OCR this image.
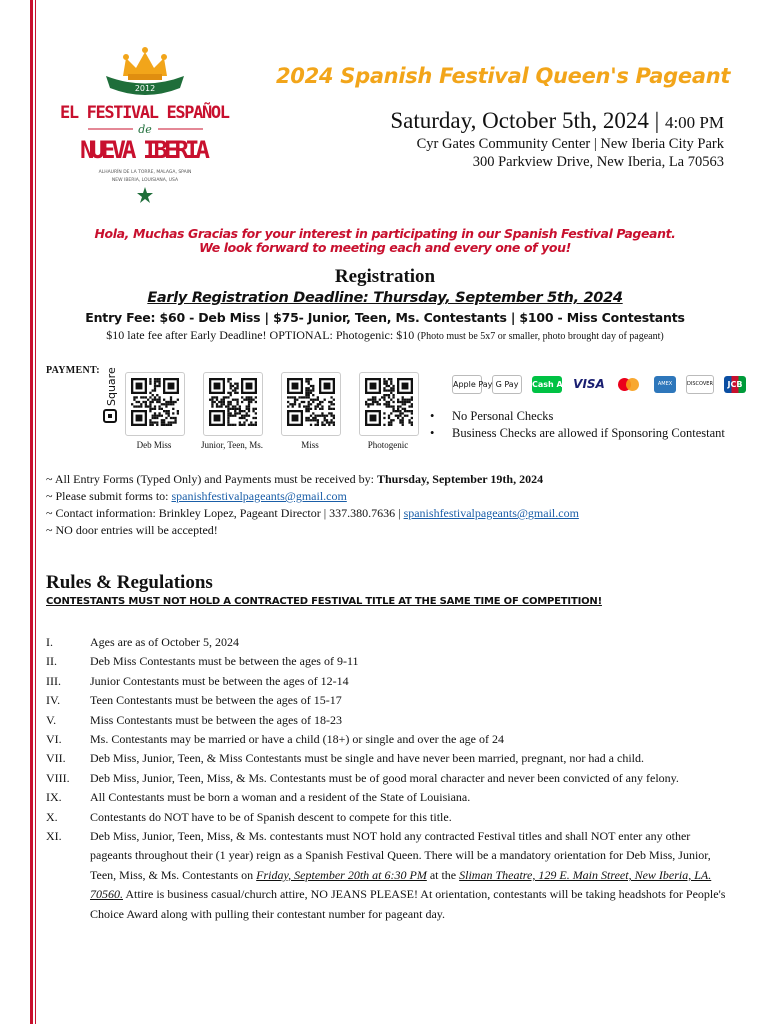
2012
EL FESTIVAL ESPAÑOL
de
NUEVA IBERIA
ALHAURÍN DE LA TORRE, MALAGA, SPAIN
NEW IBERIA, LOUISIANA, USA
2024 Spanish Festival Queen's Pageant
Saturday, October 5th, 2024 | 4:00 PM
Cyr Gates Community Center | New Iberia City Park
300 Parkview Drive, New Iberia, La 70563
Hola, Muchas Gracias for your interest in participating in our Spanish Festival Pageant.
We look forward to meeting each and every one of you!
Registration
Early Registration Deadline: Thursday, September 5th, 2024
Entry Fee: $60 - Deb Miss | $75- Junior, Teen, Ms. Contestants | $100 - Miss Contestants
$10 late fee after Early Deadline! OPTIONAL: Photogenic: $10 (Photo must be 5x7 or smaller, photo brought day of pageant)
PAYMENT: Square
Deb Miss	Junior, Teen, Ms.	Miss	Photogenic
Apple Pay G Pay Cash App VISA	AMEX	DISCOVER JCB
• No Personal Checks
• Business Checks are allowed if Sponsoring Contestant
~ All Entry Forms (Typed Only) and Payments must be received by: Thursday, September 19th, 2024
~ Please submit forms to: spanishfestivalpageants@gmail.com
~ Contact information: Brinkley Lopez, Pageant Director | 337.380.7636 | spanishfestivalpageants@gmail.com
~ NO door entries will be accepted!
Rules & Regulations
CONTESTANTS MUST NOT HOLD A CONTRACTED FESTIVAL TITLE AT THE SAME TIME OF COMPETITION!
I.	Ages are as of October 5, 2024
II.	Deb Miss Contestants must be between the ages of 9-11
III.	Junior Contestants must be between the ages of 12-14
IV.	Teen Contestants must be between the ages of 15-17
V.	Miss Contestants must be between the ages of 18-23
VI.	Ms. Contestants may be married or have a child (18+) or single and over the age of 24
VII.	Deb Miss, Junior, Teen, & Miss Contestants must be single and have never been married, pregnant, nor had a child.
VIII.	Deb Miss, Junior, Teen, Miss, & Ms. Contestants must be of good moral character and never been convicted of any felony.
IX.	All Contestants must be born a woman and a resident of the State of Louisiana.
X.	Contestants do NOT have to be of Spanish descent to compete for this title.
XI.	Deb Miss, Junior, Teen, Miss, & Ms. contestants must NOT hold any contracted Festival titles and shall NOT enter any other pageants throughout their (1 year) reign as a Spanish Festival Queen. There will be a mandatory orientation for Deb Miss, Junior, Teen, Miss, & Ms. Contestants on Friday, September 20th at 6:30 PM at the Sliman Theatre, 129 E. Main Street, New Iberia, LA. 70560. Attire is business casual/church attire, NO JEANS PLEASE! At orientation, contestants will be taking headshots for People's Choice Award along with pulling their contestant number for pageant day.
